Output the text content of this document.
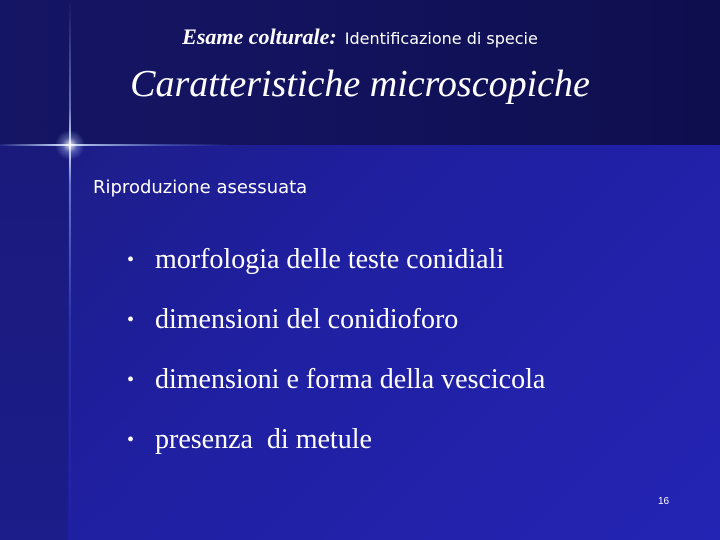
Esame colturale: Identificazione di specie
Caratteristiche microscopiche
Riproduzione asessuata
• morfologia delle teste conidiali
• dimensioni del conidioforo
• dimensioni e forma della vescicola
• presenza  di metule
16
